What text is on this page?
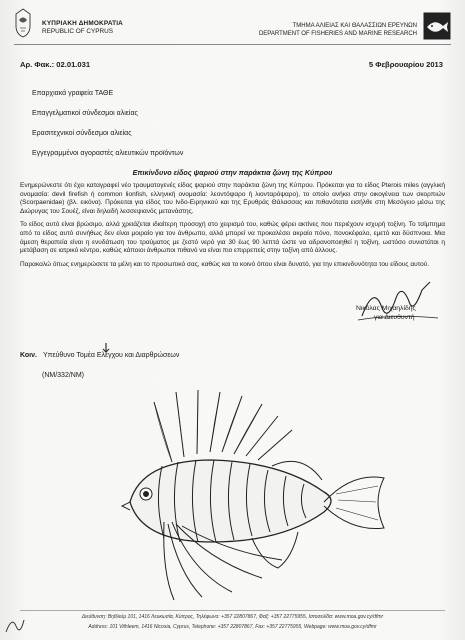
ΚΥΠΡΙΑΚΗ ΔΗΜΟΚΡΑΤΙΑ
REPUBLIC OF CYPRUS
ΤΜΗΜΑ ΑΛΙΕΙΑΣ ΚΑΙ ΘΑΛΑΣΣΙΩΝ ΕΡΕΥΝΩΝ
DEPARTMENT OF FISHERIES AND MARINE RESEARCH
Αρ. Φακ.: 02.01.031	5 Φεβρουαρίου 2013
Επαρχιακά γραφεία ΤΑΘΕ
Επαγγελματικοί σύνδεσμοι αλιείας
Ερασιτεχνικοί σύνδεσμοι αλιείας
Εγγεγραμμένοι αγοραστές αλιευτικών προϊόντων
Επικίνδυνο είδος ψαριού στην παράκτια ζώνη της Κύπρου

Ενημερώνεστε ότι έχει καταγραφεί νέο τραυματογενές είδος ψαριού στην παράκτια ζώνη της Κύπρου. Πρόκειται για το είδος Pterois miles (αγγλική ονομασία: devil firefish ή common lionfish, ελληνική ονομασία: λεοντόψαρο ή λιονταρόψαρο), το οποίο ανήκει στην οικογένεια των σκορπιών (Scorpaenidae) (βλ. εικόνα). Πρόκειται για είδος του Ινδο-Ειρηνικού και της Ερυθράς Θάλασσας και πιθανότατα εισήλθε στη Μεσόγειο μέσω της Διώρυγας του Σουέζ, είναι δηλαδή λεσσεψιανός μετανάστης.

Το είδος αυτό είναι βρώσιμο, αλλά χρειάζεται ιδιαίτερη προσοχή στο χειρισμό του, καθώς φέρει ακτίνες που περιέχουν ισχυρή τοξίνη. Το τσίμπημα από το είδος αυτό συνήθως δεν είναι μοιραίο για τον άνθρωπο, αλλά μπορεί να προκαλέσει ακραίο πόνο, πονοκέφαλο, εμετό και δύσπνοια. Μια άμεση θεραπεία είναι η ενυδάτωση του τραύματος με ζεστό νερό για 30 έως 90 λεπτά ώστε να αδρανοποιηθεί η τοξίνη, ωστόσο συνιστάται η μετάβαση σε ιατρικό κέντρο, καθώς κάποιοι άνθρωποι πιθανό να είναι πιο επιρρεπείς στην τοξίνη από άλλους.

Παρακαλώ όπως ενημερώσετε τα μέλη και το προσωπικό σας, καθώς και το κοινό όπου είναι δυνατό, για την επικινδυνότητα του είδους αυτού.

Νικόλας Μιχαηλίδης
για Διευθυντή
Κοιν. Υπεύθυνο Τομέα Ελέγχου και Διαρθρώσεων
(NM/332/NM)
Διεύθυνση: Βηθλεέμ 101, 1416 Λευκωσία, Κύπρος, Τηλέφωνο: +357 22807867, Φαξ: +357 22775955, Ιστοσελίδα: www.moa.gov.cy/dfmr
Address: 101 Vithleem, 1416 Nicosia, Cyprus, Telephone: +357 22807867, Fax: +357 22775955, Webpage: www.moa.gov.cy/dfmr
